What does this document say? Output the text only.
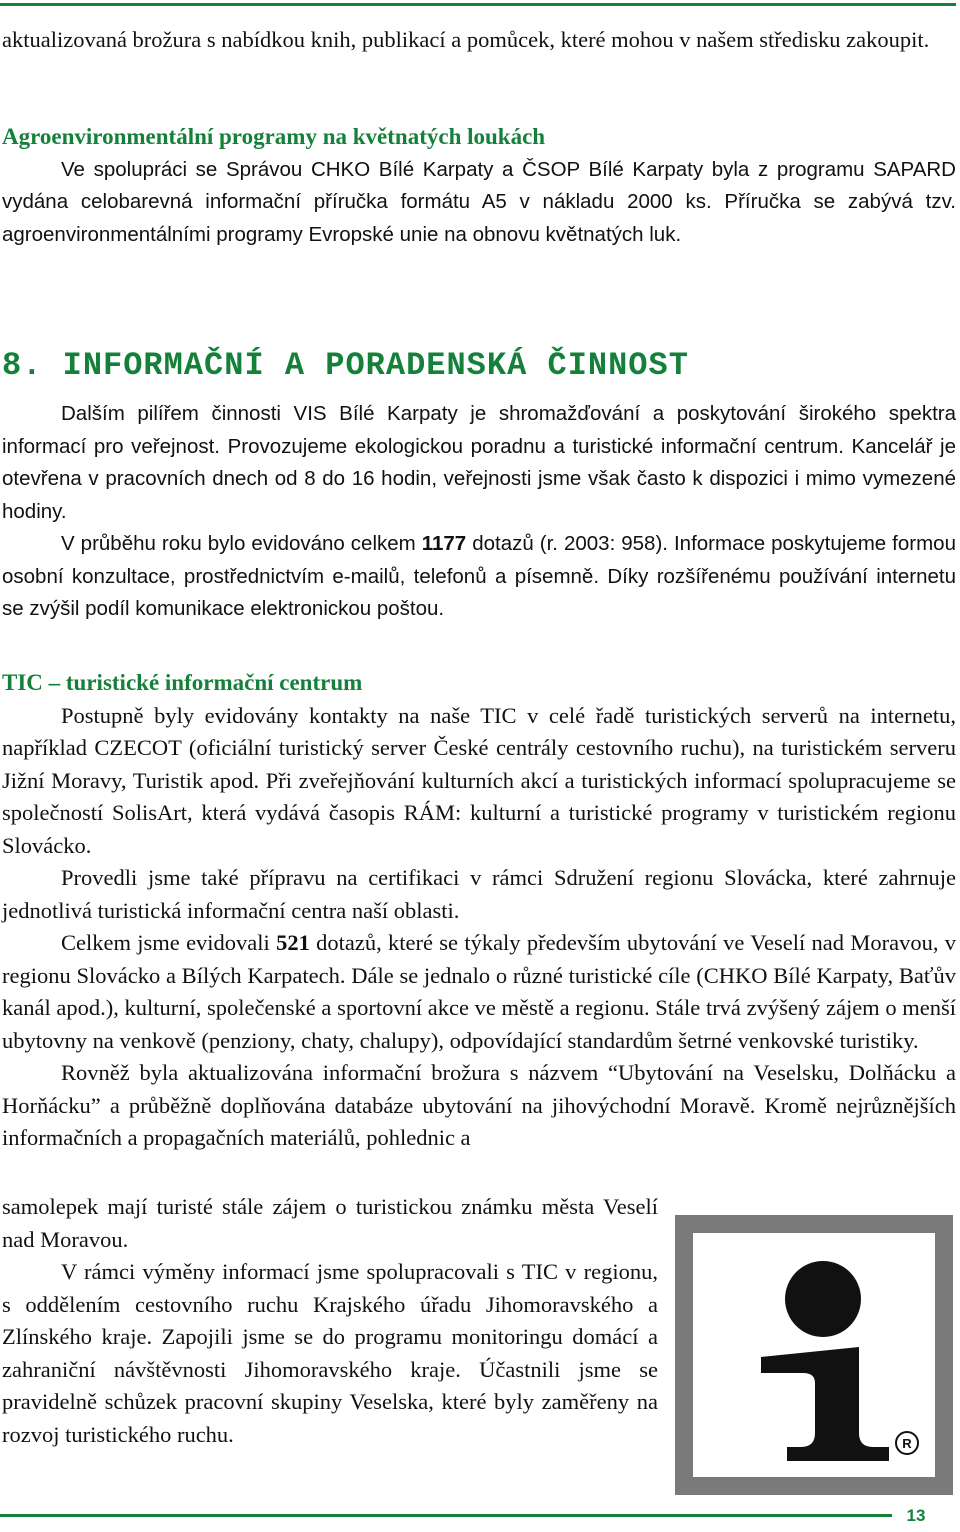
aktualizovaná brožura s nabídkou knih, publikací a pomůcek, které mohou v našem středisku zakoupit.

Agroenvironmentální programy na květnatých loukách

Ve spolupráci se Správou CHKO Bílé Karpaty a ČSOP Bílé Karpaty byla z programu SAPARD vydána celobarevná informační příručka formátu A5 v nákladu 2000 ks. Příručka se zabývá tzv. agroenvironmentálními programy Evropské unie na obnovu květnatých luk.

8. INFORMAČNÍ A PORADENSKÁ ČINNOST

Dalším pilířem činnosti VIS Bílé Karpaty je shromažďování a poskytování širokého spektra informací pro veřejnost. Provozujeme ekologickou poradnu a turistické informační centrum. Kancelář je otevřena v pracovních dnech od 8 do 16 hodin, veřejnosti jsme však často k dispozici i mimo vymezené hodiny.

V průběhu roku bylo evidováno celkem 1177 dotazů (r. 2003: 958). Informace poskytujeme formou osobní konzultace, prostřednictvím e-mailů, telefonů a písemně. Díky rozšířenému používání internetu se zvýšil podíl komunikace elektronickou poštou.

TIC – turistické informační centrum

Postupně byly evidovány kontakty na naše TIC v celé řadě turistických serverů na internetu, například CZECOT (oficiální turistický server České centrály cestovního ruchu), na turistickém serveru Jižní Moravy, Turistik apod. Při zveřejňování kulturních akcí a turistických informací spolupracujeme se společností SolisArt, která vydává časopis RÁM: kulturní a turistické programy v turistickém regionu Slovácko.

Provedli jsme také přípravu na certifikaci v rámci Sdružení regionu Slovácka, které zahrnuje jednotlivá turistická informační centra naší oblasti.

Celkem jsme evidovali 521 dotazů, které se týkaly především ubytování ve Veselí nad Moravou, v regionu Slovácko a Bílých Karpatech. Dále se jednalo o různé turistické cíle (CHKO Bílé Karpaty, Baťův kanál apod.), kulturní, společenské a sportovní akce ve městě a regionu. Stále trvá zvýšený zájem o menší ubytovny na venkově (penziony, chaty, chalupy), odpovídající standardům šetrné venkovské turistiky.

Rovněž byla aktualizována informační brožura s názvem “Ubytování na Veselsku, Dolňácku a Horňácku” a průběžně doplňována databáze ubytování na jihovýchodní Moravě. Kromě nejrůznějších informačních a propagačních materiálů, pohlednic a

samolepek mají turisté stále zájem o turistickou známku města Veselí nad Moravou.

V rámci výměny informací jsme spolupracovali s TIC v regionu, s oddělením cestovního ruchu Krajského úřadu Jihomoravského a Zlínského kraje. Zapojili jsme se do programu monitoringu domácí a zahraniční návštěvnosti Jihomoravského kraje. Účastnili jsme se pravidelně schůzek pracovní skupiny Veselska, které byly zaměřeny na rozvoj turistického ruchu.	R
13
